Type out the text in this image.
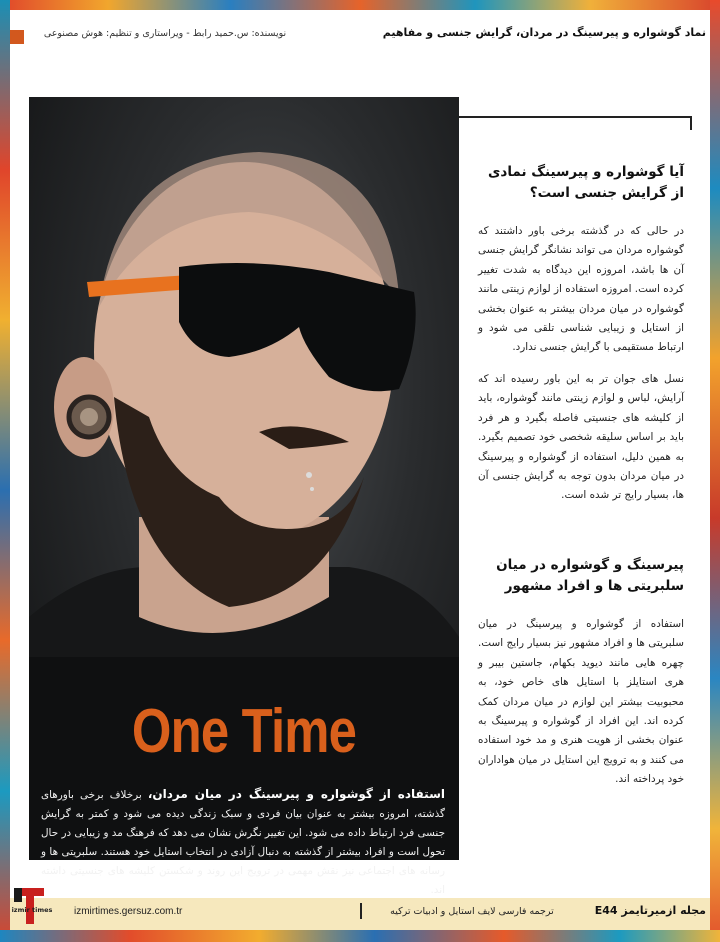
نویسنده: س.حمید رابط - ویراستاری و تنظیم: هوش مصنوعی	نماد گوشواره و پیرسینگ در مردان، گرایش جنسی و مفاهیم
One Time
استفاده از گوشواره و پیرسینگ در میان مردان، برخلاف برخی باورهای گذشته، امروزه بیشتر به عنوان بیان فردی و سبک زندگی دیده می شود و کمتر به گرایش جنسی فرد ارتباط داده می شود. این تغییر نگرش نشان می دهد که فرهنگ مد و زیبایی در حال تحول است و افراد بیشتر از گذشته به دنبال آزادی در انتخاب استایل خود هستند. سلبریتی ها و رسانه های اجتماعی نیز نقش مهمی در ترویج این روند و شکستن کلیشه های جنسیتی داشته اند.
آیا گوشواره و پیرسینگ نمادی از گرایش جنسی است؟
در حالی که در گذشته برخی باور داشتند که گوشواره مردان می تواند نشانگر گرایش جنسی آن ها باشد، امروزه این دیدگاه به شدت تغییر کرده است. امروزه استفاده از لوازم زینتی مانند گوشواره در میان مردان بیشتر به عنوان بخشی از استایل و زیبایی شناسی تلقی می شود و ارتباط مستقیمی با گرایش جنسی ندارد.
نسل های جوان تر به این باور رسیده اند که آرایش، لباس و لوازم زینتی مانند گوشواره، باید از کلیشه های جنسیتی فاصله بگیرد و هر فرد باید بر اساس سلیقه شخصی خود تصمیم بگیرد. به همین دلیل، استفاده از گوشواره و پیرسینگ در میان مردان بدون توجه به گرایش جنسی آن ها، بسیار رایج تر شده است.
پیرسینگ و گوشواره در میان سلبریتی ها و افراد مشهور
استفاده از گوشواره و پیرسینگ در میان سلبریتی ها و افراد مشهور نیز بسیار رایج است. چهره هایی مانند دیوید بکهام، جاستین بیبر و هری استایلز با استایل های خاص خود، به محبوبیت بیشتر این لوازم در میان مردان کمک کرده اند. این افراد از گوشواره و پیرسینگ به عنوان بخشی از هویت هنری و مد خود استفاده می کنند و به ترویج این استایل در میان هواداران خود پرداخته اند.
izmir times izmirtimes.gersuz.com.tr	ترجمه فارسی لایف استایل و ادبیات ترکیه	مجله ازمیرتایمز E44
